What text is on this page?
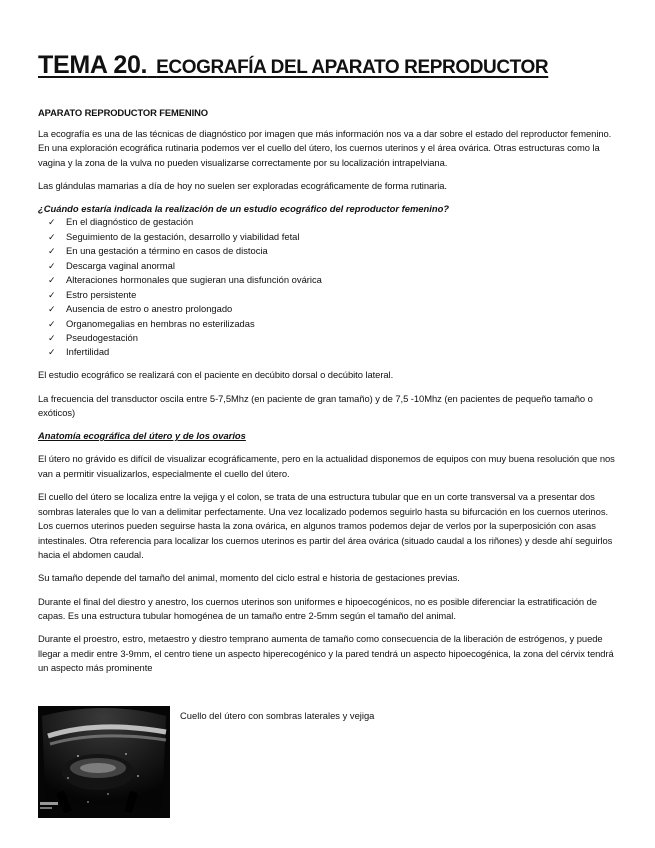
TEMA 20. ECOGRAFÍA DEL APARATO REPRODUCTOR
APARATO REPRODUCTOR FEMENINO

La ecografía es una de las técnicas de diagnóstico por imagen que más información nos va a dar sobre el estado del reproductor femenino. En una exploración ecográfica rutinaria podemos ver el cuello del útero, los cuernos uterinos y el área ovárica. Otras estructuras como la vagina y la zona de la vulva no pueden visualizarse correctamente por su localización intrapelviana.

Las glándulas mamarias a día de hoy no suelen ser exploradas ecográficamente de forma rutinaria.

¿Cuándo estaría indicada la realización de un estudio ecográfico del reproductor femenino?

✓	En el diagnóstico de gestación
✓	Seguimiento de la gestación, desarrollo y viabilidad fetal
✓	En una gestación a término en casos de distocia
✓	Descarga vaginal anormal
✓	Alteraciones hormonales que sugieran una disfunción ovárica
✓	Estro persistente
✓	Ausencia de estro o anestro prolongado
✓	Organomegalias en hembras no esterilizadas
✓	Pseudogestación
✓	Infertilidad

El estudio ecográfico se realizará con el paciente en decúbito dorsal o decúbito lateral.

La frecuencia del transductor oscila entre 5-7,5Mhz (en paciente de gran tamaño) y de 7,5 -10Mhz (en pacientes de pequeño tamaño o exóticos)

Anatomía ecográfica del útero y de los ovarios

El útero no grávido es difícil de visualizar ecográficamente, pero en la actualidad disponemos de equipos con muy buena resolución que nos van a permitir visualizarlos, especialmente el cuello del útero.

El cuello del útero se localiza entre la vejiga y el colon, se trata de una estructura tubular que en un corte transversal va a presentar dos sombras laterales que lo van a delimitar perfectamente. Una vez localizado podemos seguirlo hasta su bifurcación en los cuernos uterinos. Los cuernos uterinos pueden seguirse hasta la zona ovárica, en algunos tramos podemos dejar de verlos por la superposición con asas intestinales. Otra referencia para localizar los cuernos uterinos es partir del área ovárica (situado caudal a los riñones) y desde ahí seguirlos hacia el abdomen caudal.

Su tamaño depende del tamaño del animal, momento del ciclo estral e historia de gestaciones previas.

Durante el final del diestro y anestro, los cuernos uterinos son uniformes e hipoecogénicos, no es posible diferenciar la estratificación de capas. Es una estructura tubular homogénea de un tamaño entre 2-5mm según el tamaño del animal.

Durante el proestro, estro, metaestro y diestro temprano aumenta de tamaño como consecuencia de la liberación de estrógenos, y puede llegar a medir entre 3-9mm, el centro tiene un aspecto hiperecogénico y la pared tendrá un aspecto hipoecogénica, la zona del cérvix tendrá un aspecto más prominente

Cuello del útero con sombras laterales y vejiga
